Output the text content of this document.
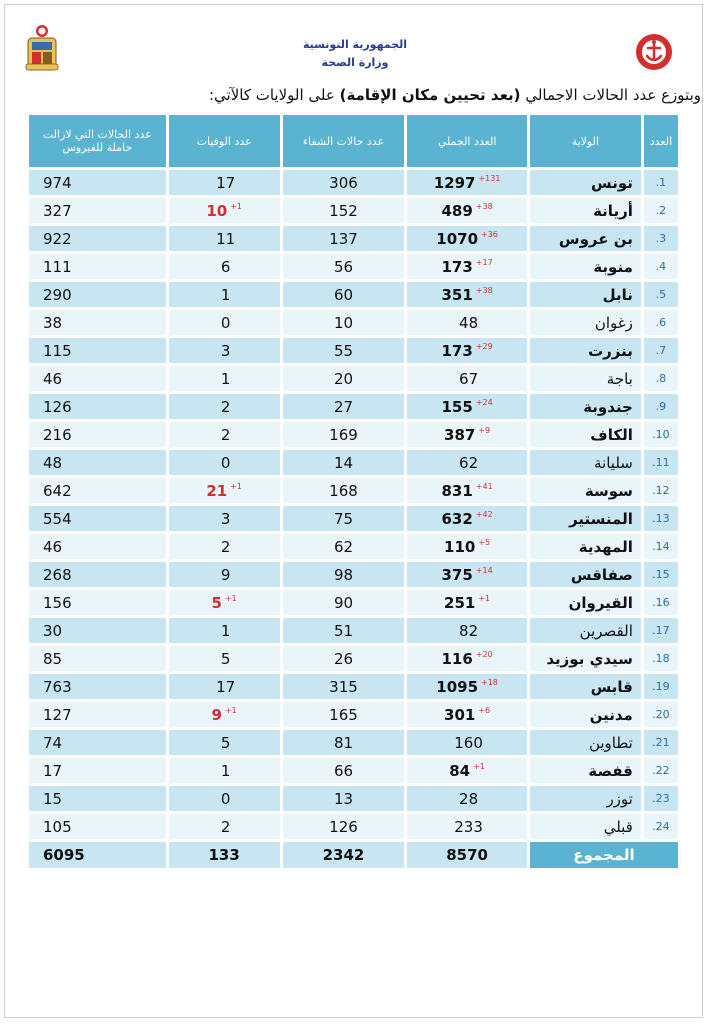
الجمهورية التونسية
وزارة الصحة
وبتوزع عدد الحالات الاجمالي (بعد تحيين مكان الإقامة) على الولايات كالآتي:
العدد	الولاية	العدد الجملي	عدد حالات الشفاء	عدد الوفيات	عدد الحالات التي لازالت حاملة للفيروس
1.	تونس	1297 $^{+131}$	306	17	974
2.	أريانة	489 $^{+38}$	152	10 $^{+1}$	327
3.	بن عروس	1070 $^{+36}$	137	11	922
4.	منوبة	173 $^{+17}$	56	6	111
5.	نابل	351 $^{+38}$	60	1	290
6.	زغوان	48	10	0	38
7.	بنزرت	173 $^{+29}$	55	3	115
8.	باجة	67	20	1	46
9.	جندوبة	155 $^{+24}$	27	2	126
10.	الكاف	387 $^{+9}$	169	2	216
11.	سليانة	62	14	0	48
12.	سوسة	831 $^{+41}$	168	21 $^{+1}$	642
13.	المنستير	632 $^{+42}$	75	3	554
14.	المهدية	110 $^{+5}$	62	2	46
15.	صفاقس	375 $^{+14}$	98	9	268
16.	القيروان	251 $^{+1}$	90	5 $^{+1}$	156
17.	القصرين	82	51	1	30
18.	سيدي بوزيد	116 $^{+20}$	26	5	85
19.	قابس	1095 $^{+18}$	315	17	763
20.	مدنين	301 $^{+6}$	165	9 $^{+1}$	127
21.	تطاوين	160	81	5	74
22.	قفصة	84 $^{+1}$	66	1	17
23.	توزر	28	13	0	15
24.	قبلي	233	126	2	105
المجموع		8570	2342	133	6095
